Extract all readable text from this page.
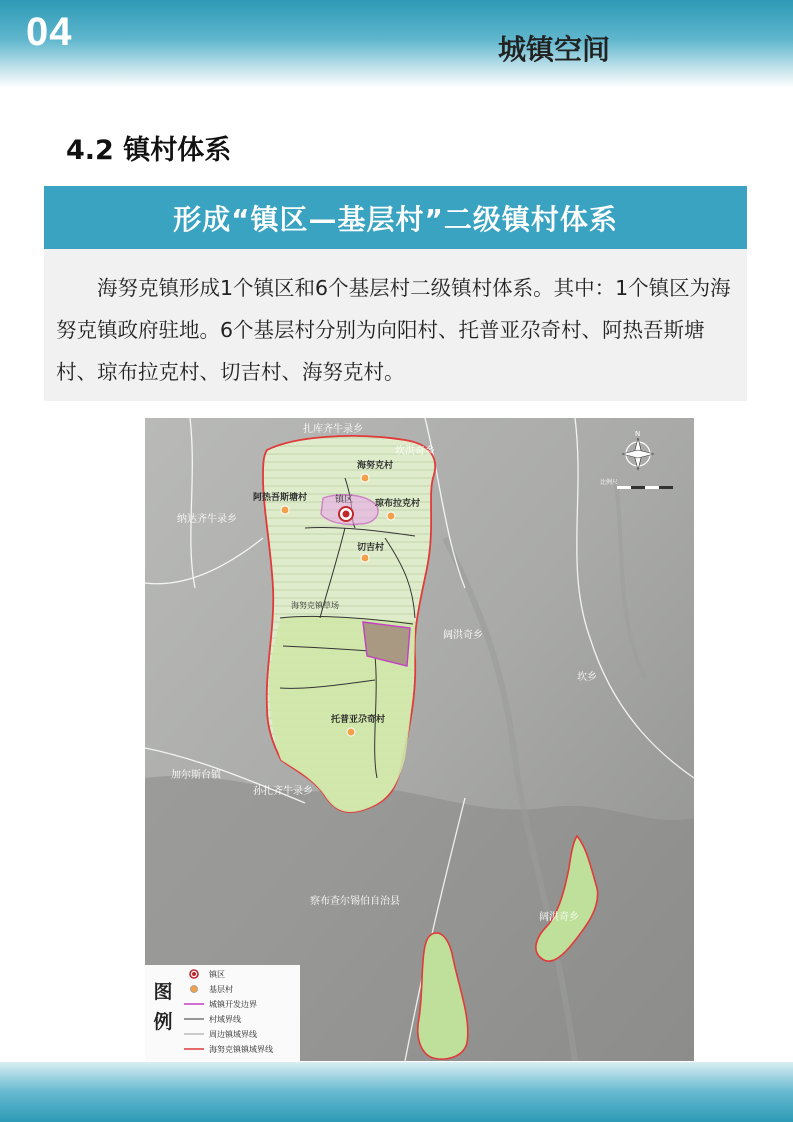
04	城镇空间
4.2 镇村体系
形成“镇区—基层村”二级镇村体系
海努克镇形成1个镇区和6个基层村二级镇村体系。其中：1个镇区为海努克镇政府驻地。6个基层村分别为向阳村、托普亚尕奇村、阿热吾斯塘村、琼布拉克村、切吉村、海努克村。
扎库齐牛录乡
纳达齐牛录乡
坎洪奇乡
阔洪奇乡
坎乡
加尔斯台镇
孙扎齐牛录乡
察布查尔锡伯自治县
阔洪奇乡
海努克村
阿热吾斯塘村	镇区 琼布拉克村
切吉村
海努克镇草场
托普亚尕奇村
N
比例尺
图 例
镇区
基层村
城镇开发边界
村域界线
周边镇域界线
海努克镇镇域界线
